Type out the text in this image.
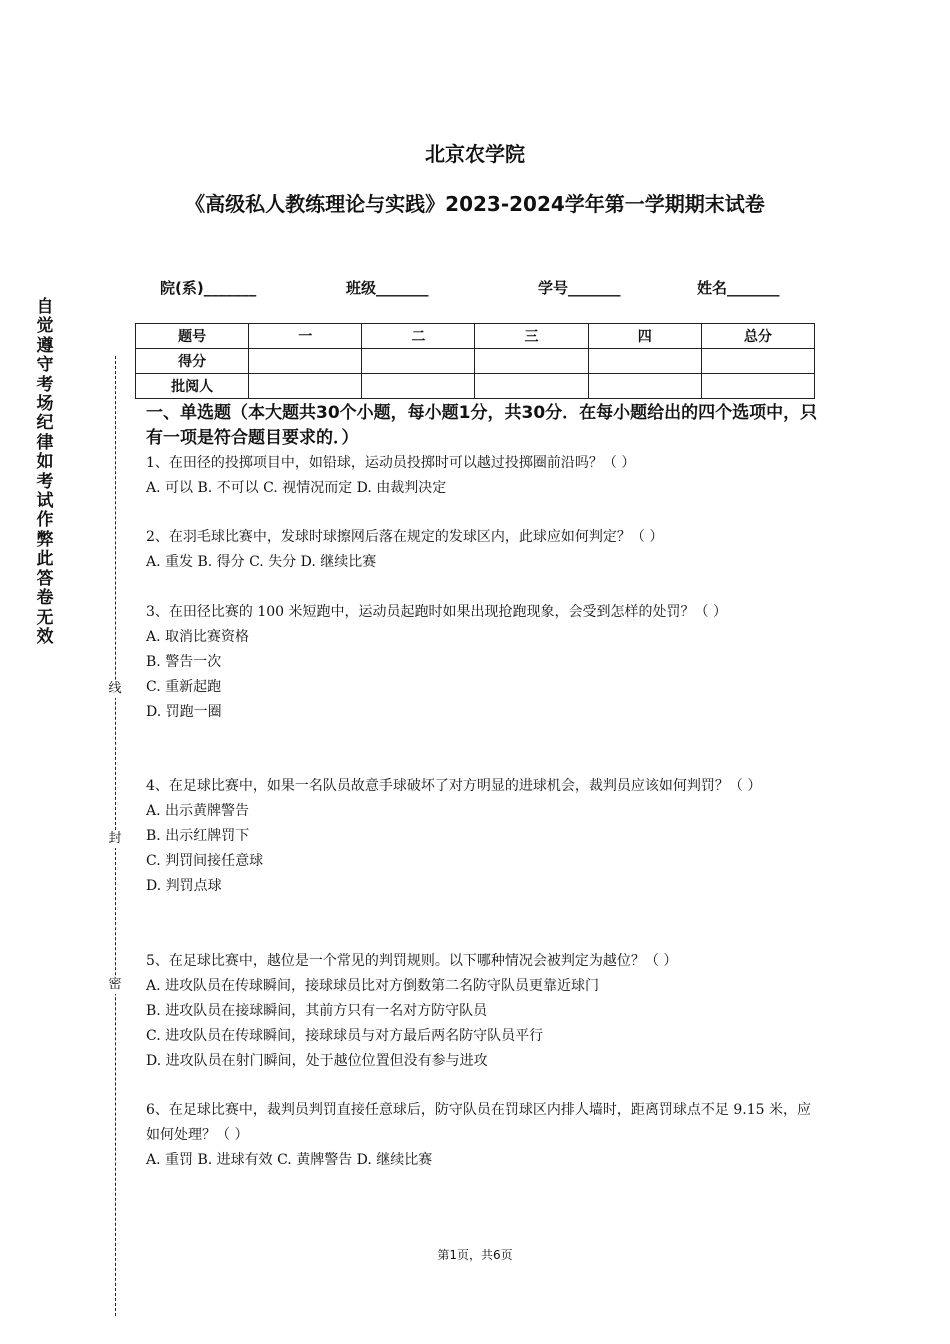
自觉遵守考场纪律如考试作弊此答卷无效
线
封
密
北京农学院
《高级私人教练理论与实践》2023-2024学年第一学期期末试卷
院(系)_______	班级_______	学号_______	姓名_______
题号	一	二	三	四	总分
得分					
批阅人					
一、单选题（本大题共30个小题，每小题1分，共30分．在每小题给出的四个选项中，只有一项是符合题目要求的．）
1、在田径的投掷项目中，如铅球，运动员投掷时可以越过投掷圈前沿吗？（ ）
A. 可以 B. 不可以 C. 视情况而定 D. 由裁判决定
2、在羽毛球比赛中，发球时球擦网后落在规定的发球区内，此球应如何判定？（ ）
A. 重发 B. 得分 C. 失分 D. 继续比赛
3、在田径比赛的 100 米短跑中，运动员起跑时如果出现抢跑现象，会受到怎样的处罚？（ ）
A. 取消比赛资格
B. 警告一次
C. 重新起跑
D. 罚跑一圈
4、在足球比赛中，如果一名队员故意手球破坏了对方明显的进球机会，裁判员应该如何判罚？（ ）
A. 出示黄牌警告
B. 出示红牌罚下
C. 判罚间接任意球
D. 判罚点球
5、在足球比赛中，越位是一个常见的判罚规则。以下哪种情况会被判定为越位？（ ）
A. 进攻队员在传球瞬间，接球球员比对方倒数第二名防守队员更靠近球门
B. 进攻队员在接球瞬间，其前方只有一名对方防守队员
C. 进攻队员在传球瞬间，接球球员与对方最后两名防守队员平行
D. 进攻队员在射门瞬间，处于越位位置但没有参与进攻
6、在足球比赛中，裁判员判罚直接任意球后，防守队员在罚球区内排人墙时，距离罚球点不足 9.15 米，应如何处理？（ ）
A. 重罚 B. 进球有效 C. 黄牌警告 D. 继续比赛
第1页，共6页
